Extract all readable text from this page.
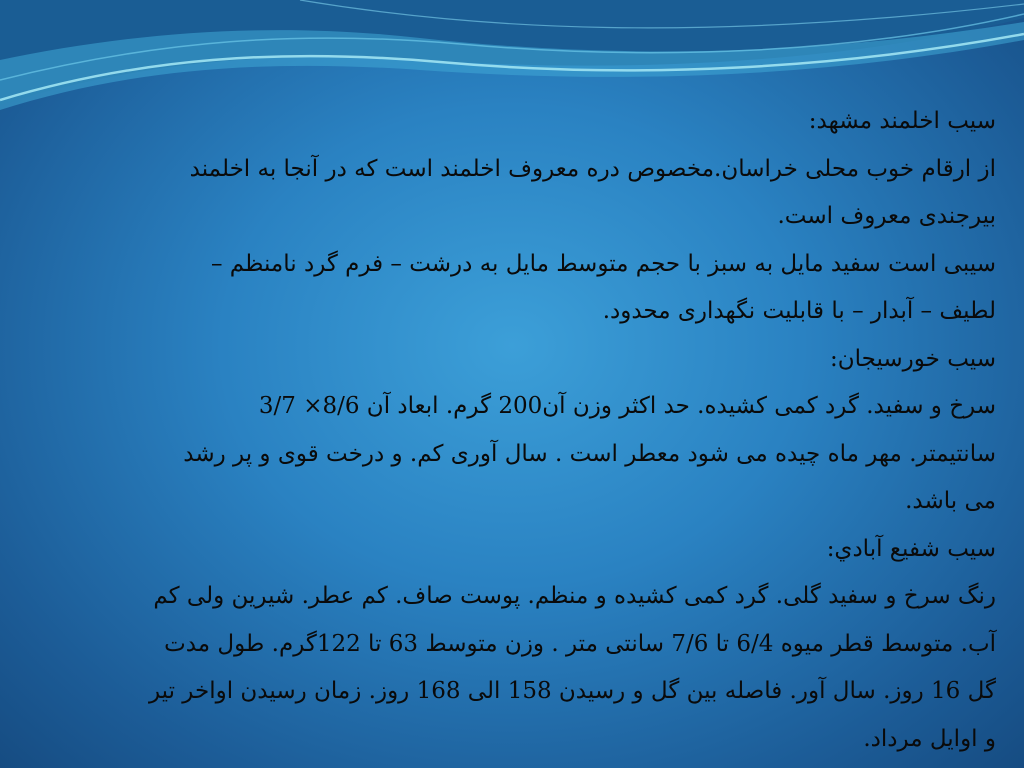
سیب اخلمند مشهد:
از ارقام خوب محلی خراسان.مخصوص دره معروف اخلمند است که در آنجا به اخلمند
بیرجندی معروف است.
سیبی است سفید مایل به سبز با حجم متوسط مایل به درشت – فرم گرد نامنظم –
لطیف – آبدار – با قابلیت نگهداری محدود.
سیب خورسیجان:
سرخ و سفید. گرد کمی کشیده. حد اکثر وزن آن200 گرم. ابعاد آن 8/6× 3/7
سانتیمتر. مهر ماه چیده می شود معطر است . سال آوری کم. و درخت قوی و پر رشد
می باشد.
سیب شفیع آبادي:
رنگ سرخ و سفید گلی. گرد کمی کشیده و منظم. پوست صاف. کم عطر. شیرین ولی کم
آب. متوسط قطر میوه 6/4 تا 7/6 سانتی متر . وزن متوسط 63 تا 122گرم. طول مدت
گل 16 روز. سال آور. فاصله بین گل و رسیدن 158 الی 168 روز. زمان رسیدن اواخر تیر
و اوایل مرداد.
